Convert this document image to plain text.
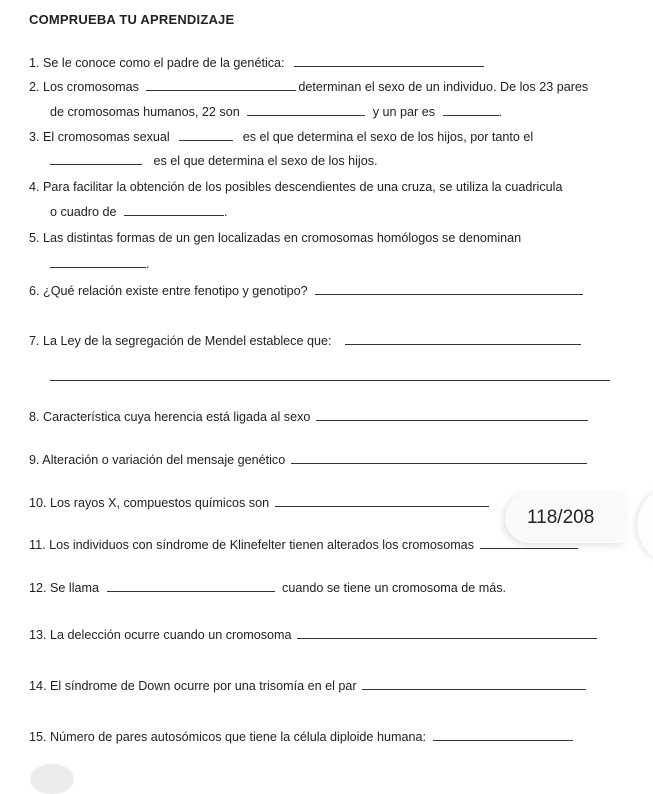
COMPRUEBA TU APRENDIZAJE
1. Se le conoce como el padre de la genética:
2. Los cromosomas	determinan el sexo de un individuo. De los 23 pares
de cromosomas humanos, 22 son	y un par es	.
3. El cromosomas sexual	es el que determina el sexo de los hijos, por tanto el
es el que determina el sexo de los hijos.
4. Para facilitar la obtención de los posibles descendientes de una cruza, se utiliza la cuadricula
o cuadro de	.
5. Las distintas formas de un gen localizadas en cromosomas homólogos se denominan
.
6. ¿Qué relación existe entre fenotipo y genotipo?
7. La Ley de la segregación de Mendel establece que:
8. Característica cuya herencia está ligada al sexo
9. Alteración o variación del mensaje genético
10. Los rayos X, compuestos químicos son
11. Los individuos con síndrome de Klinefelter tienen alterados los cromosomas
12. Se llama	cuando se tiene un cromosoma de más.
13. La delección ocurre cuando un cromosoma
14. El síndrome de Down ocurre por una trisomía en el par
15. Número de pares autosómicos que tiene la célula diploide humana:
118/208
